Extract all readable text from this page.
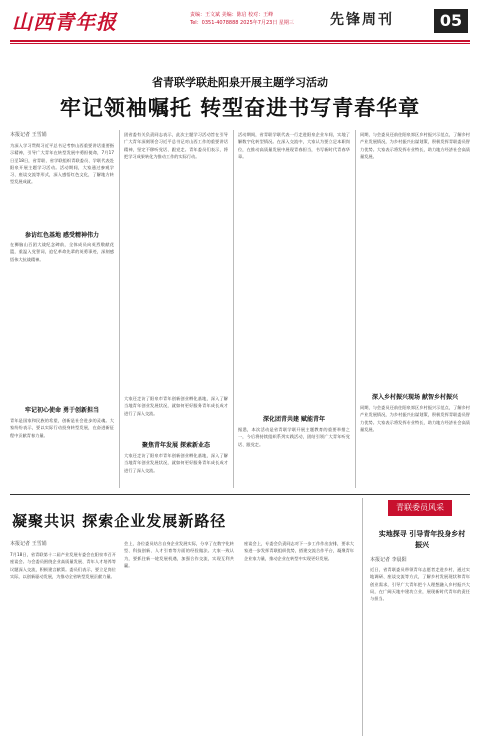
山西青年报	责编：王文斌 美编：陈启 校对：王峰
Tel：0351-4078888 2025年7月23日 星期三	先锋周刊	05
省青联学联赴阳泉开展主题学习活动
牢记领袖嘱托 转型奋进书写青春华章
本报记者 王雪娟
为深入学习贯彻习近平总书记考察山西重要讲话重要指示精神，引导广大青年在转型发展中勇担使命，7月17日至18日，省青联、省学联组织青联委员、学联代表赴阳泉开展主题学习活动。活动期间，大家通过参观学习、座谈交流等形式，深入感悟红色文化，了解地方转型发展成就。
参访红色基地 感受精神伟力
在狮脑山百团大战纪念碑前，全体成员向英烈敬献花篮，重温入党誓词，追忆革命先辈的英勇事迹，深刻感悟伟大抗战精神。
牢记初心使命 勇于创新担当
青年是国家和民族的希望，创新是社会进步的灵魂。大家纷纷表示，要以实际行动投身转型发展，在奋进新征程中贡献青春力量。
团省委有关负责同志表示，此次主题学习活动旨在引导广大青年深刻领会习近平总书记对山西工作的重要讲话精神，坚定不移听党话、跟党走。青年委员们表示，将把学习成果转化为推动工作的实际行动。
大家还走访了阳泉市青年创新创业孵化基地，深入了解当地青年创业发展状况，就如何更好服务青年成长成才进行了深入交流。
聚焦青年发展 探索新业态
大家还走访了阳泉市青年创新创业孵化基地，深入了解当地青年创业发展状况，就如何更好服务青年成长成才进行了深入交流。
活动期间，省青联学联代表一行走进阳泉企业车间，实地了解数字化转型情况。在深入交流中，大家认为要立足本职岗位，在推动高质量发展中展现青春担当，书写新时代青春华章。
深化团青共建 赋能青年
据悉，本次活动是省青联学联开展主题教育的重要举措之一，今后将持续组织系列实践活动，团结引领广大青年听党话、跟党走。
同期，与会委员还前往阳泉郊区乡村振兴示范点，了解乡村产业发展情况，为乡村振兴出谋划策，积极发挥青联委员智力优势。大家表示将发挥专业特长，助力地方经济社会高质量发展。
深入乡村振兴现场 献智乡村振兴
同期，与会委员还前往阳泉郊区乡村振兴示范点，了解乡村产业发展情况，为乡村振兴出谋划策，积极发挥青联委员智力优势。大家表示将发挥专业特长，助力地方经济社会高质量发展。
凝聚共识 探索企业发展新路径
本报记者 王雪娟
7月18日，省青联第十二届产业发展专委会在阳泉市召开座谈会。与会委员围绕企业高质量发展、青年人才培养等议题深入交流，积极建言献策。委员们表示，要立足岗位实际，以创新驱动发展，为推动全省转型发展贡献力量。
会上，各位委员结合自身企业发展实际，分享了在数字化转型、科技创新、人才引育等方面的经验做法。大家一致认为，要抓住新一轮发展机遇，加强合作交流，实现互利共赢。
座谈会上，专委会负责同志对下一步工作作出安排，要求大家进一步发挥青联组织优势，搭建交流合作平台，凝聚青年企业家力量，推动企业在转型中实现更好发展。
青联委员风采
实地探寻 引导青年投身乡村振兴
本报记者 李晨阳
近日，省青联委员带领青年志愿者走进乡村，通过实地调研、座谈交流等方式，了解乡村发展现状和青年创业需求，引导广大青年把个人理想融入乡村振兴大局，在广阔天地中建功立业，展现新时代青年的责任与担当。
